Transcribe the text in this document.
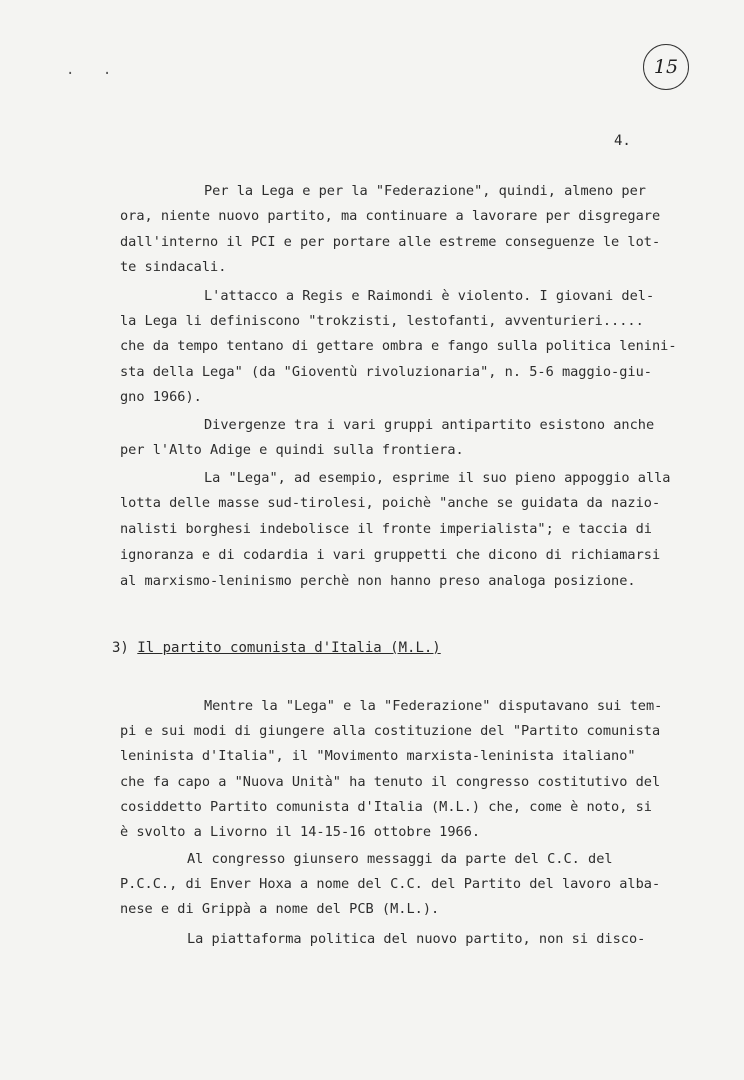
. .	15
4.
Per la Lega e per la "Federazione", quindi, almeno per
ora, niente nuovo partito, ma continuare a lavorare per disgregare
dall'interno il PCI e per portare alle estreme conseguenze le lot-
te sindacali.
L'attacco a Regis e Raimondi è violento. I giovani del-
la Lega li definiscono "trokzisti, lestofanti, avventurieri.....
che da tempo tentano di gettare ombra e fango sulla politica lenini-
sta della Lega" (da "Gioventù rivoluzionaria", n. 5-6 maggio-giu-
gno 1966).
Divergenze tra i vari gruppi antipartito esistono anche
per l'Alto Adige e quindi sulla frontiera.
La "Lega", ad esempio, esprime il suo pieno appoggio alla
lotta delle masse sud-tirolesi, poichè "anche se guidata da nazio-
nalisti borghesi indebolisce il fronte imperialista"; e taccia di
ignoranza e di codardia i vari gruppetti che dicono di richiamarsi
al marxismo-leninismo perchè non hanno preso analoga posizione.
3) Il partito comunista d'Italia (M.L.)
Mentre la "Lega" e la "Federazione" disputavano sui tem-
pi e sui modi di giungere alla costituzione del "Partito comunista
leninista d'Italia", il "Movimento marxista-leninista italiano"
che fa capo a "Nuova Unità" ha tenuto il congresso costitutivo del
cosiddetto Partito comunista d'Italia (M.L.) che, come è noto, si
è svolto a Livorno il 14-15-16 ottobre 1966.
Al congresso giunsero messaggi da parte del C.C. del
P.C.C., di Enver Hoxa a nome del C.C. del Partito del lavoro alba-
nese e di Grippà a nome del PCB (M.L.).
La piattaforma politica del nuovo partito, non si disco-
